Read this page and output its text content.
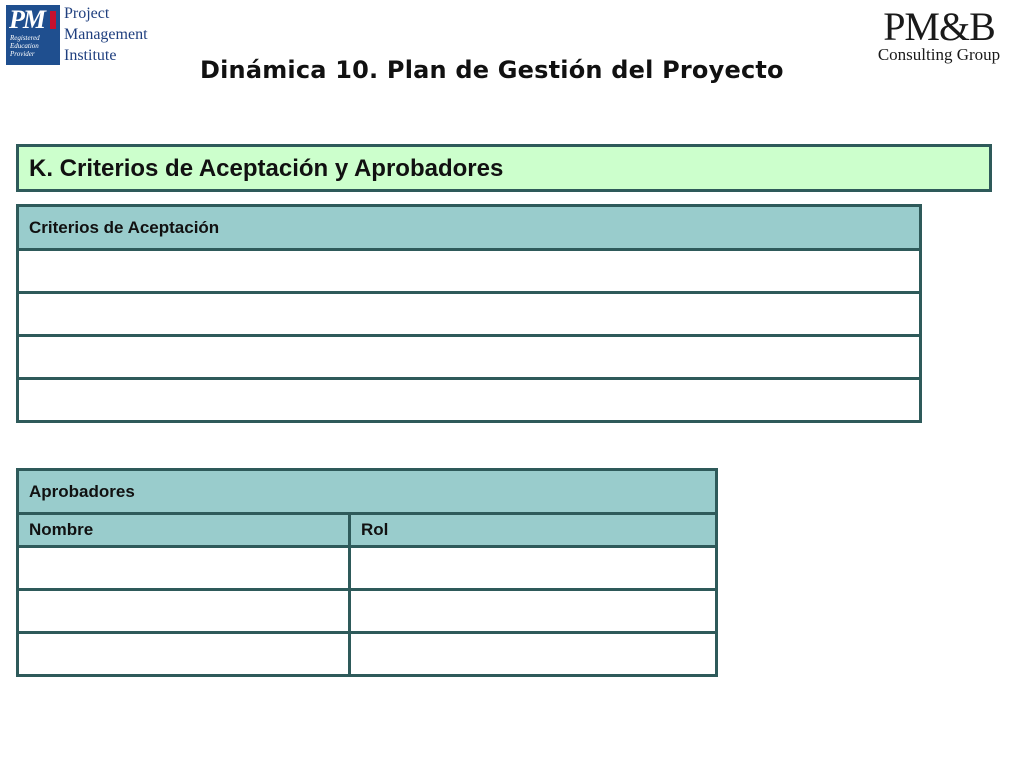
PM
Registered
Education
Provider
Project
Management
Institute
PM&B
Consulting Group
Dinámica 10. Plan de Gestión del Proyecto
K. Criterios de Aceptación y Aprobadores
Criterios de Aceptación

Aprobadores	
Nombre	Rol
